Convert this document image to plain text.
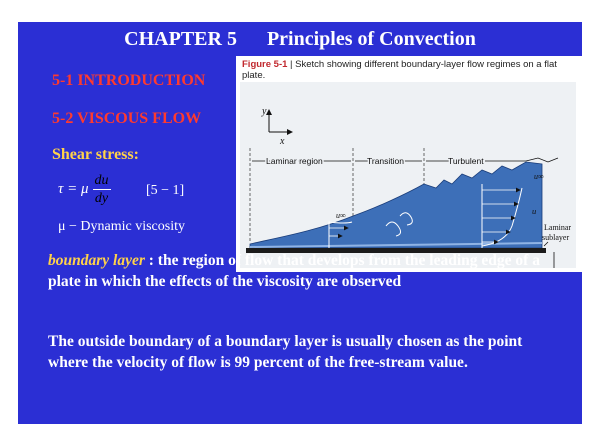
CHAPTER 5 Principles of Convection
5-1 INTRODUCTION
5-2 VISCOUS FLOW
Shear stress:
τ = μ $\frac{du}{dy}$	[5 − 1]
μ − Dynamic viscosity
Figure 5-1 | Sketch showing different boundary-layer flow regimes on a flat plate.
y
x
Laminar region	Transition	Turbulent
u∞
u∞
u
Laminar
sublayer
boundary layer : the region of flow that develops from the leading edge of a plate in which the effects of the viscosity are observed
The outside boundary of a boundary layer is usually chosen as the point where the velocity of flow is 99 percent of the free-stream value.
